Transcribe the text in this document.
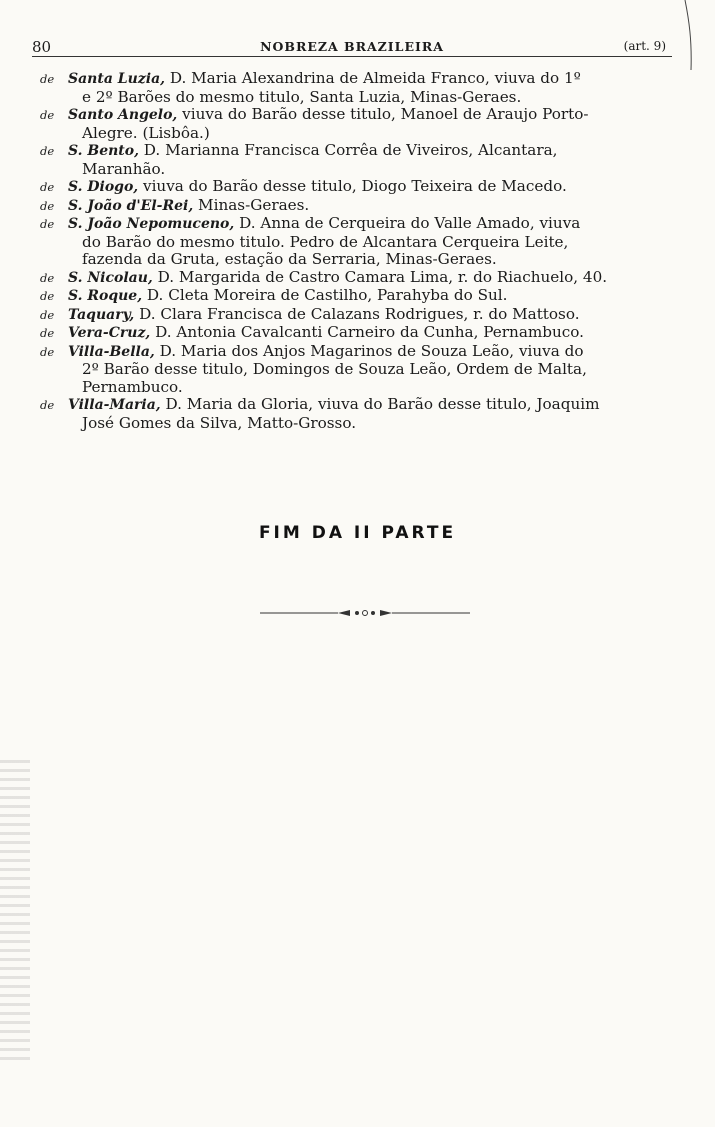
80	NOBREZA BRAZILEIRA	(art. 9)

de Santa Luzia, D. Maria Alexandrina de Almeida Franco, viuva do 1º
e 2º Barões do mesmo titulo, Santa Luzia, Minas-Geraes.

de Santo Angelo, viuva do Barão desse titulo, Manoel de Araujo Porto-
Alegre. (Lisbôa.)

de S. Bento, D. Marianna Francisca Corrêa de Viveiros, Alcantara,
Maranhão.

de S. Diogo, viuva do Barão desse titulo, Diogo Teixeira de Macedo.

de S. João d'El-Rei, Minas-Geraes.

de S. João Nepomuceno, D. Anna de Cerqueira do Valle Amado, viuva
do Barão do mesmo titulo. Pedro de Alcantara Cerqueira Leite,
fazenda da Gruta, estação da Serraria, Minas-Geraes.

de S. Nicolau, D. Margarida de Castro Camara Lima, r. do Riachuelo, 40.

de S. Roque, D. Cleta Moreira de Castilho, Parahyba do Sul.

de Taquary, D. Clara Francisca de Calazans Rodrigues, r. do Mattoso.

de Vera-Cruz, D. Antonia Cavalcanti Carneiro da Cunha, Pernambuco.

de Villa-Bella, D. Maria dos Anjos Magarinos de Souza Leão, viuva do
2º Barão desse titulo, Domingos de Souza Leão, Ordem de Malta,
Pernambuco.

de Villa-Maria, D. Maria da Gloria, viuva do Barão desse titulo, Joaquim
José Gomes da Silva, Matto-Grosso.

FIM DA II PARTE
